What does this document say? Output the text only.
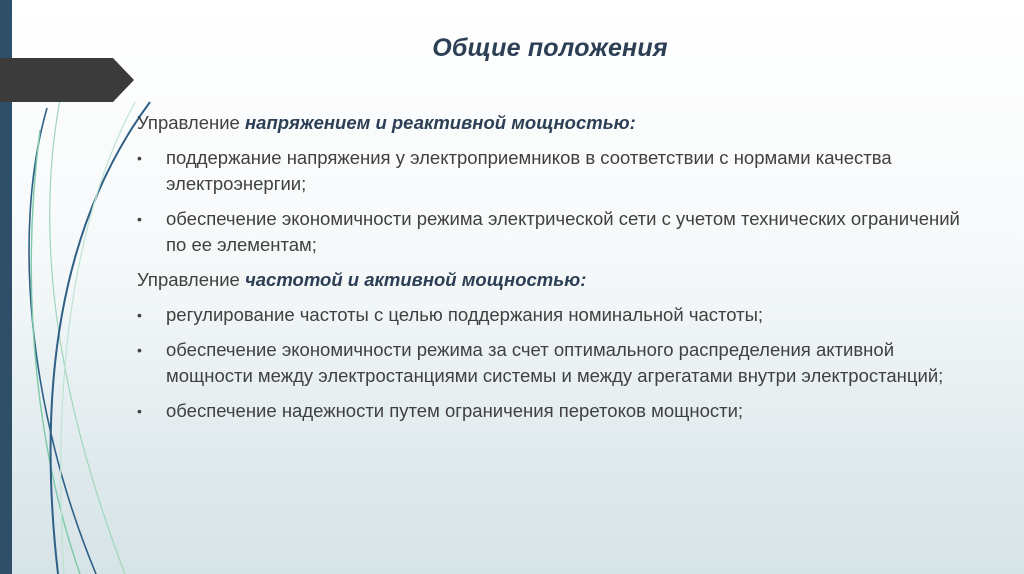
Общие положения

Управление напряжением и реактивной мощностью:

• поддержание напряжения у электроприемников в соответствии с нормами качества электроэнергии;
• обеспечение экономичности режима электрической сети с учетом технических ограничений по ее элементам;

Управление частотой и активной мощностью:

• регулирование частоты с целью поддержания номинальной частоты;
• обеспечение экономичности режима за счет оптимального распределения активной мощности между электростанциями системы и между агрегатами внутри электростанций;
• обеспечение надежности путем ограничения перетоков мощности;
